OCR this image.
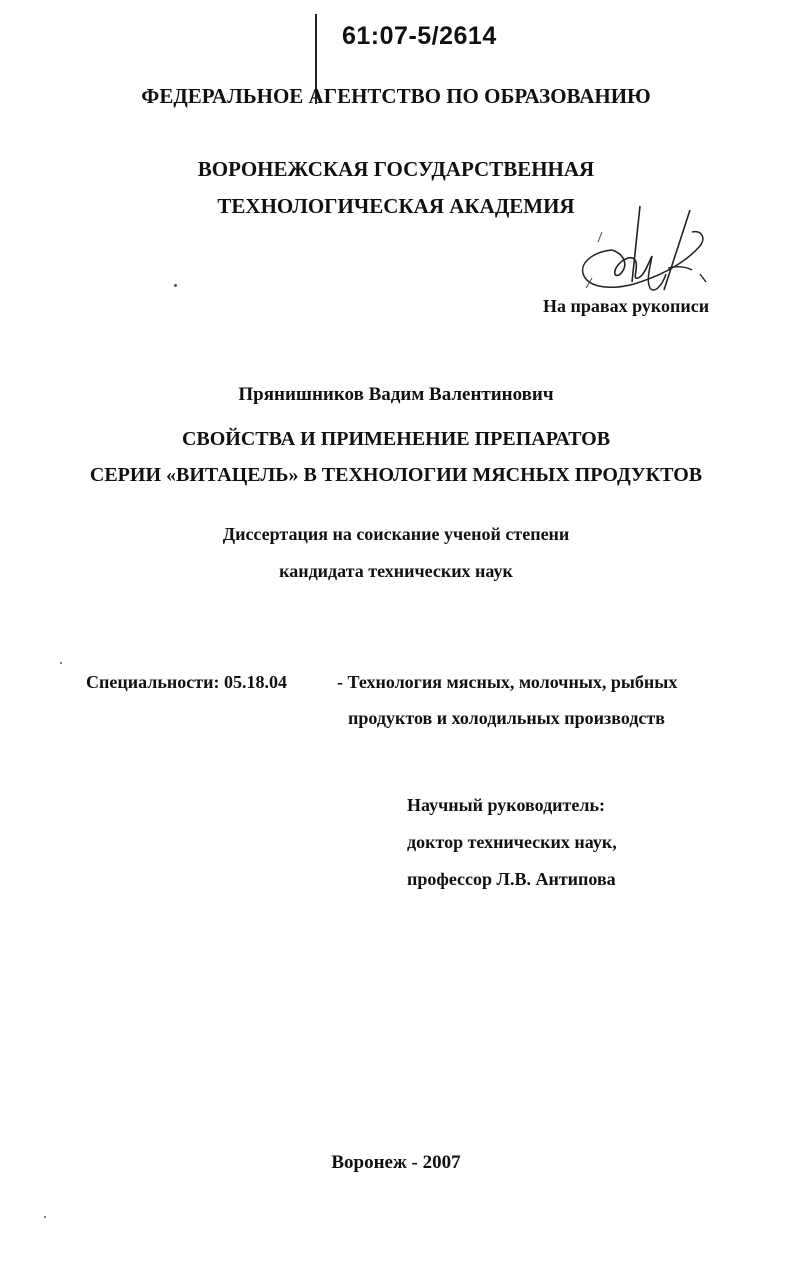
61:07-5/2614
ФЕДЕРАЛЬНОЕ АГЕНТСТВО ПО ОБРАЗОВАНИЮ
ВОРОНЕЖСКАЯ ГОСУДАРСТВЕННАЯ
ТЕХНОЛОГИЧЕСКАЯ АКАДЕМИЯ
На правах рукописи
Прянишников Вадим Валентинович
СВОЙСТВА И ПРИМЕНЕНИЕ ПРЕПАРАТОВ
СЕРИИ «ВИТАЦЕЛЬ» В ТЕХНОЛОГИИ МЯСНЫХ ПРОДУКТОВ
Диссертация на соискание ученой степени
кандидата технических наук
Специальности: 05.18.04	- Технология мясных, молочных, рыбных
продуктов и холодильных производств
Научный руководитель:
доктор технических наук,
профессор Л.В. Антипова
Воронеж - 2007
